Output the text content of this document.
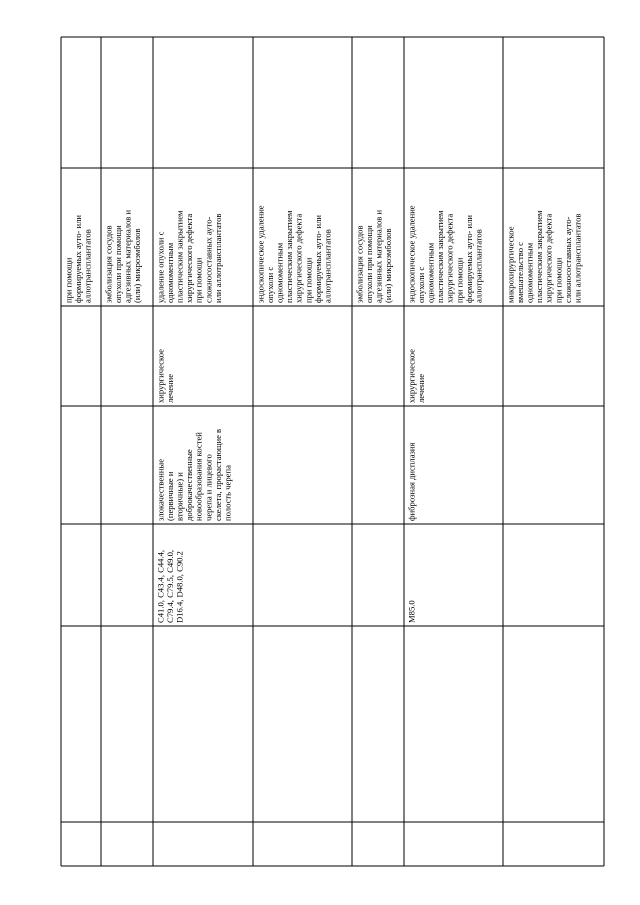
при помощиформируемых ауто- илиаллотрансплантатов эмболизация сосудовопухоли при помощиадгезивных материалов и(или) микроэмболов удаление опухоли содномоментнымпластическим закрытиемхирургического дефектапри помощисложносоставных ауто-или аллотрансплантатов
хирургическоелечение
злокачественные(первичные ивторичные) идоброкачественныеновообразования костейчерепа и лицевогоскелета, прорастающие вполость черепа
C41.0, C43.4, C44.4,C79.4, C79.5, C49.0,D16.4, D48.0, C90.2
эндоскопическое удалениеопухоли содномоментнымпластическим закрытиемхирургического дефектапри помощиформируемых ауто- илиаллотрансплантатов	эмболизация сосудовопухоли при помощиадгезивных материалов и(или) микроэмболов эндоскопическое удалениеопухоли содномоментнымпластическим закрытиемхирургического дефектапри помощиформируемых ауто- илиаллотрансплантатов
хирургическоелечение
фиброзная дисплазия
M85.0
микрохирургическоевмешательство содномоментнымпластическим закрытиемхирургического дефектапри помощисложносоставных ауто-или аллотрансплантатов
